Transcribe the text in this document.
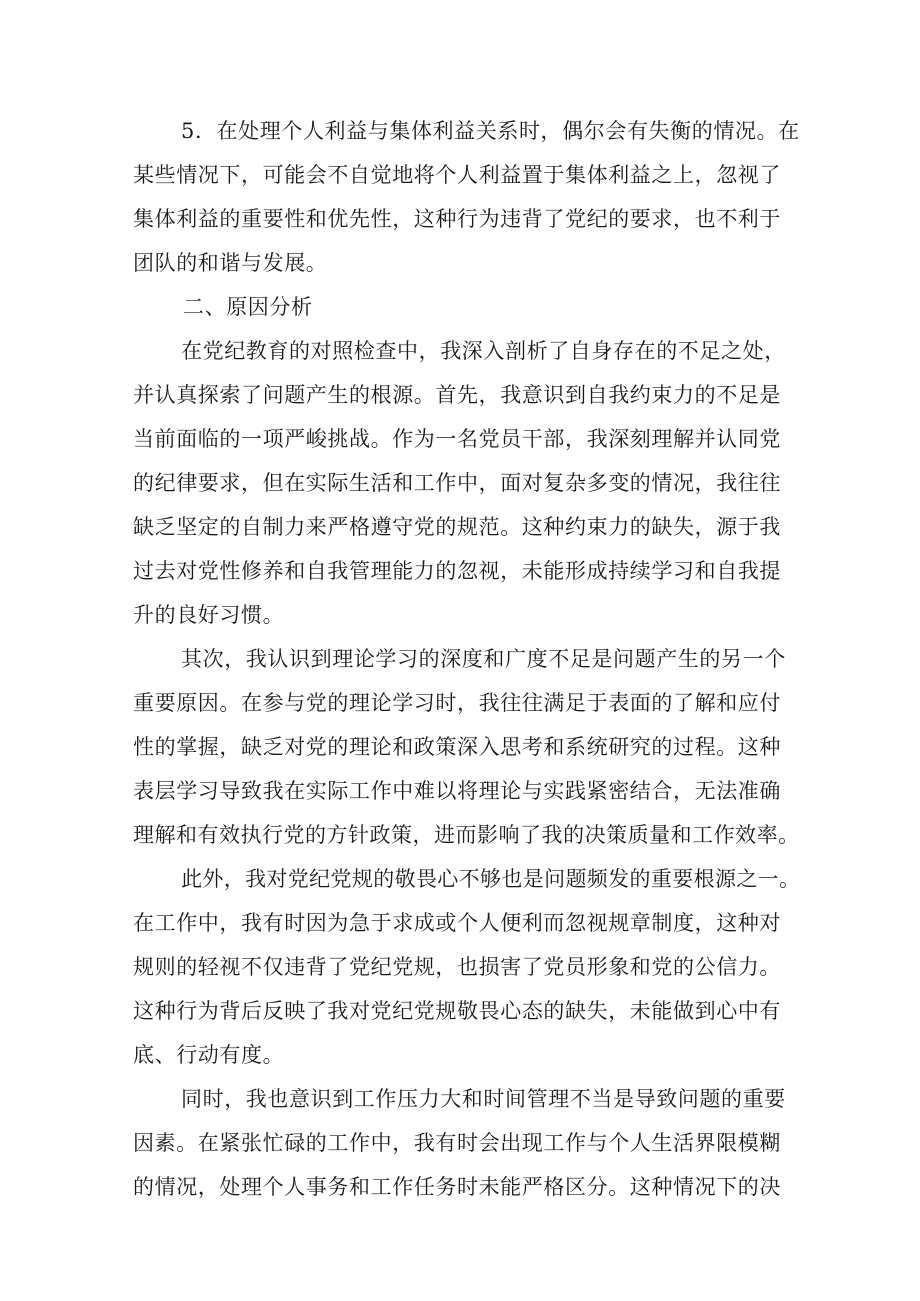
5．在处理个人利益与集体利益关系时，偶尔会有失衡的情况。在
某些情况下，可能会不自觉地将个人利益置于集体利益之上，忽视了
集体利益的重要性和优先性，这种行为违背了党纪的要求，也不利于
团队的和谐与发展。
二、原因分析
在党纪教育的对照检查中，我深入剖析了自身存在的不足之处，
并认真探索了问题产生的根源。首先，我意识到自我约束力的不足是
当前面临的一项严峻挑战。作为一名党员干部，我深刻理解并认同党
的纪律要求，但在实际生活和工作中，面对复杂多变的情况，我往往
缺乏坚定的自制力来严格遵守党的规范。这种约束力的缺失，源于我
过去对党性修养和自我管理能力的忽视，未能形成持续学习和自我提
升的良好习惯。
其次，我认识到理论学习的深度和广度不足是问题产生的另一个
重要原因。在参与党的理论学习时，我往往满足于表面的了解和应付
性的掌握，缺乏对党的理论和政策深入思考和系统研究的过程。这种
表层学习导致我在实际工作中难以将理论与实践紧密结合，无法准确
理解和有效执行党的方针政策，进而影响了我的决策质量和工作效率。
此外，我对党纪党规的敬畏心不够也是问题频发的重要根源之一。
在工作中，我有时因为急于求成或个人便利而忽视规章制度，这种对
规则的轻视不仅违背了党纪党规，也损害了党员形象和党的公信力。
这种行为背后反映了我对党纪党规敬畏心态的缺失，未能做到心中有
底、行动有度。
同时，我也意识到工作压力大和时间管理不当是导致问题的重要
因素。在紧张忙碌的工作中，我有时会出现工作与个人生活界限模糊
的情况，处理个人事务和工作任务时未能严格区分。这种情况下的决
